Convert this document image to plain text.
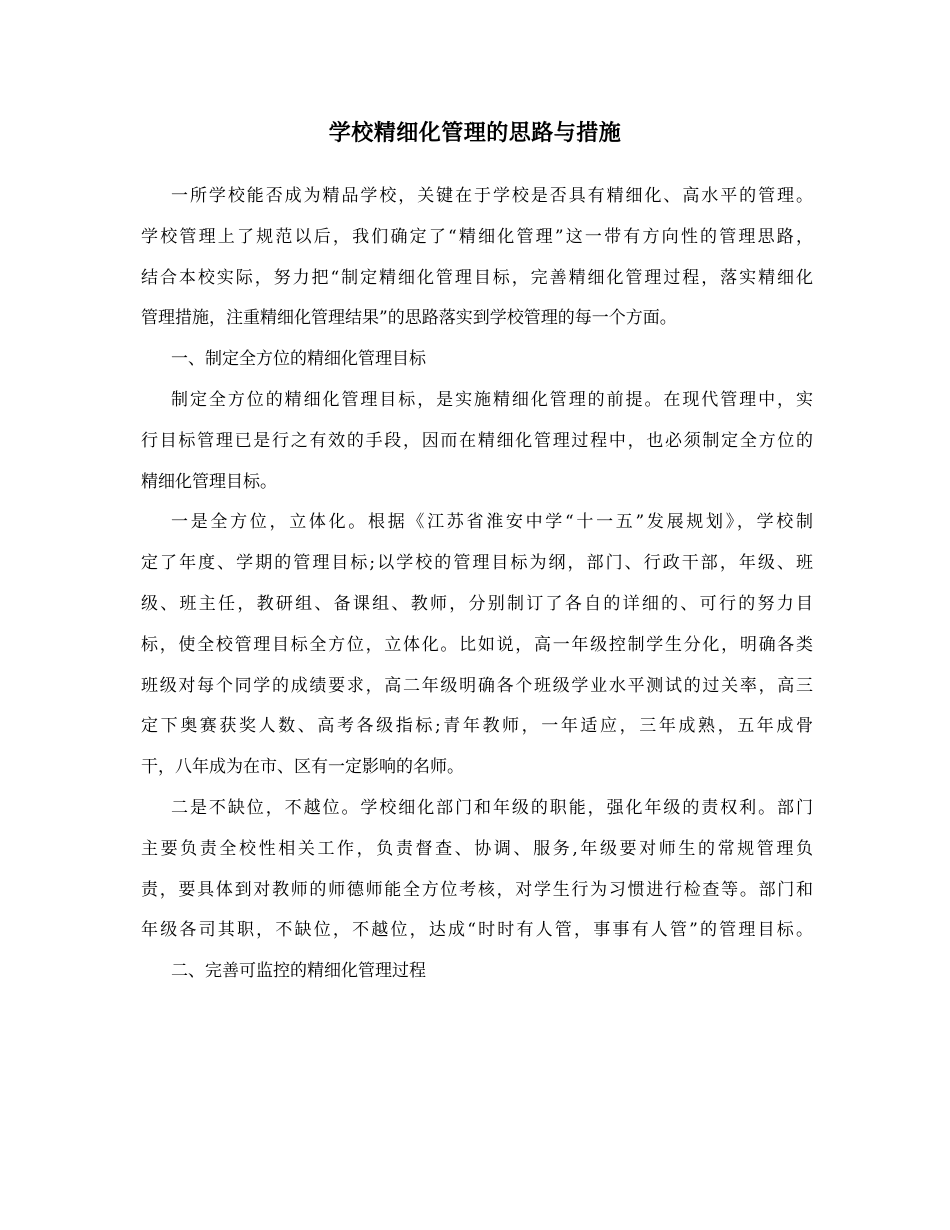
学校精细化管理的思路与措施
一所学校能否成为精品学校，关键在于学校是否具有精细化、高水平的管理。
学校管理上了规范以后，我们确定了“精细化管理”这一带有方向性的管理思路，
结合本校实际，努力把“制定精细化管理目标，完善精细化管理过程，落实精细化
管理措施，注重精细化管理结果”的思路落实到学校管理的每一个方面。
一、制定全方位的精细化管理目标
制定全方位的精细化管理目标，是实施精细化管理的前提。在现代管理中，实
行目标管理已是行之有效的手段，因而在精细化管理过程中，也必须制定全方位的
精细化管理目标。
一是全方位，立体化。根据《江苏省淮安中学“十一五”发展规划》，学校制
定了年度、学期的管理目标;以学校的管理目标为纲，部门、行政干部，年级、班
级、班主任，教研组、备课组、教师，分别制订了各自的详细的、可行的努力目
标，使全校管理目标全方位，立体化。比如说，高一年级控制学生分化，明确各类
班级对每个同学的成绩要求，高二年级明确各个班级学业水平测试的过关率，高三
定下奥赛获奖人数、高考各级指标;青年教师，一年适应，三年成熟，五年成骨
干，八年成为在市、区有一定影响的名师。
二是不缺位，不越位。学校细化部门和年级的职能，强化年级的责权利。部门
主要负责全校性相关工作，负责督查、协调、服务,年级要对师生的常规管理负
责，要具体到对教师的师德师能全方位考核，对学生行为习惯进行检查等。部门和
年级各司其职，不缺位，不越位，达成“时时有人管，事事有人管”的管理目标。
二、完善可监控的精细化管理过程
